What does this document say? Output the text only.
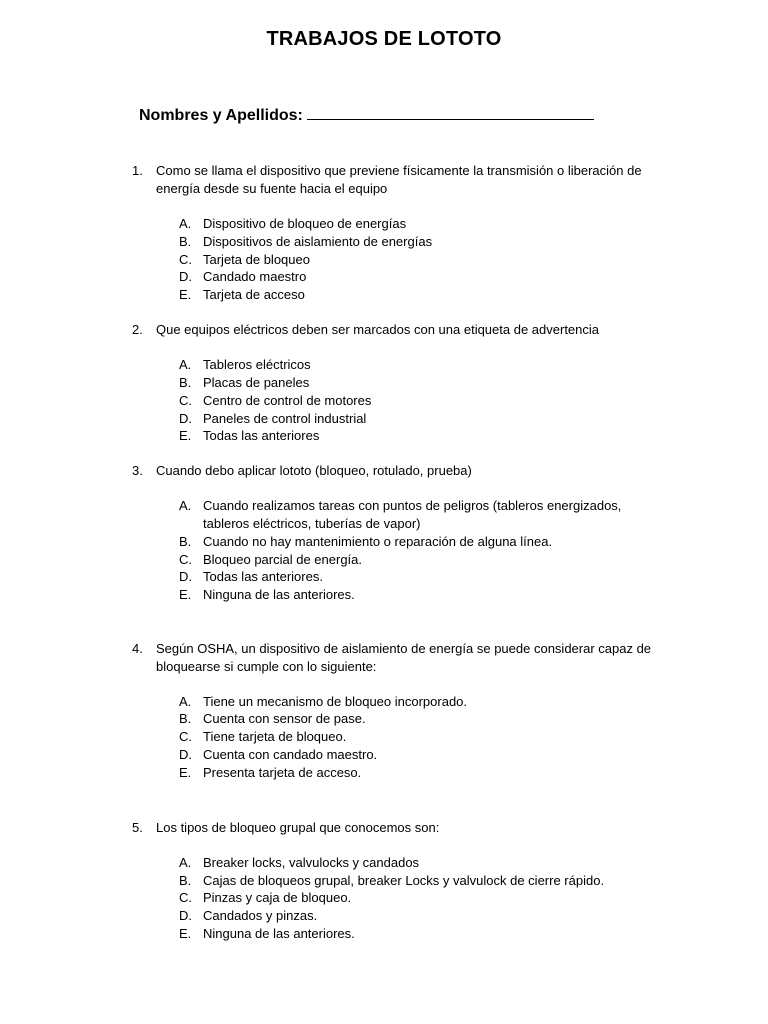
TRABAJOS DE LOTOTO
Nombres y Apellidos:
1. Como se llama el dispositivo que previene físicamente la transmisión o liberación de energía desde su fuente hacia el equipo
A. Dispositivo de bloqueo de energías
B. Dispositivos de aislamiento de energías
C. Tarjeta de bloqueo
D. Candado maestro
E. Tarjeta de acceso
2. Que equipos eléctricos deben ser marcados con una etiqueta de advertencia
A. Tableros eléctricos
B. Placas de paneles
C. Centro de control de motores
D. Paneles de control industrial
E. Todas las anteriores
3. Cuando debo aplicar lototo (bloqueo, rotulado, prueba)
A. Cuando realizamos tareas con puntos de peligros (tableros energizados, tableros eléctricos, tuberías de vapor)
B. Cuando no hay mantenimiento o reparación de alguna línea.
C. Bloqueo parcial de energía.
D. Todas las anteriores.
E. Ninguna de las anteriores.
4. Según OSHA, un dispositivo de aislamiento de energía se puede considerar capaz de bloquearse si cumple con lo siguiente:
A. Tiene un mecanismo de bloqueo incorporado.
B. Cuenta con sensor de pase.
C. Tiene tarjeta de bloqueo.
D. Cuenta con candado maestro.
E. Presenta tarjeta de acceso.
5. Los tipos de bloqueo grupal que conocemos son:
A. Breaker locks, valvulocks y candados
B. Cajas de bloqueos grupal, breaker Locks y valvulock de cierre rápido.
C. Pinzas y caja de bloqueo.
D. Candados y pinzas.
E. Ninguna de las anteriores.
